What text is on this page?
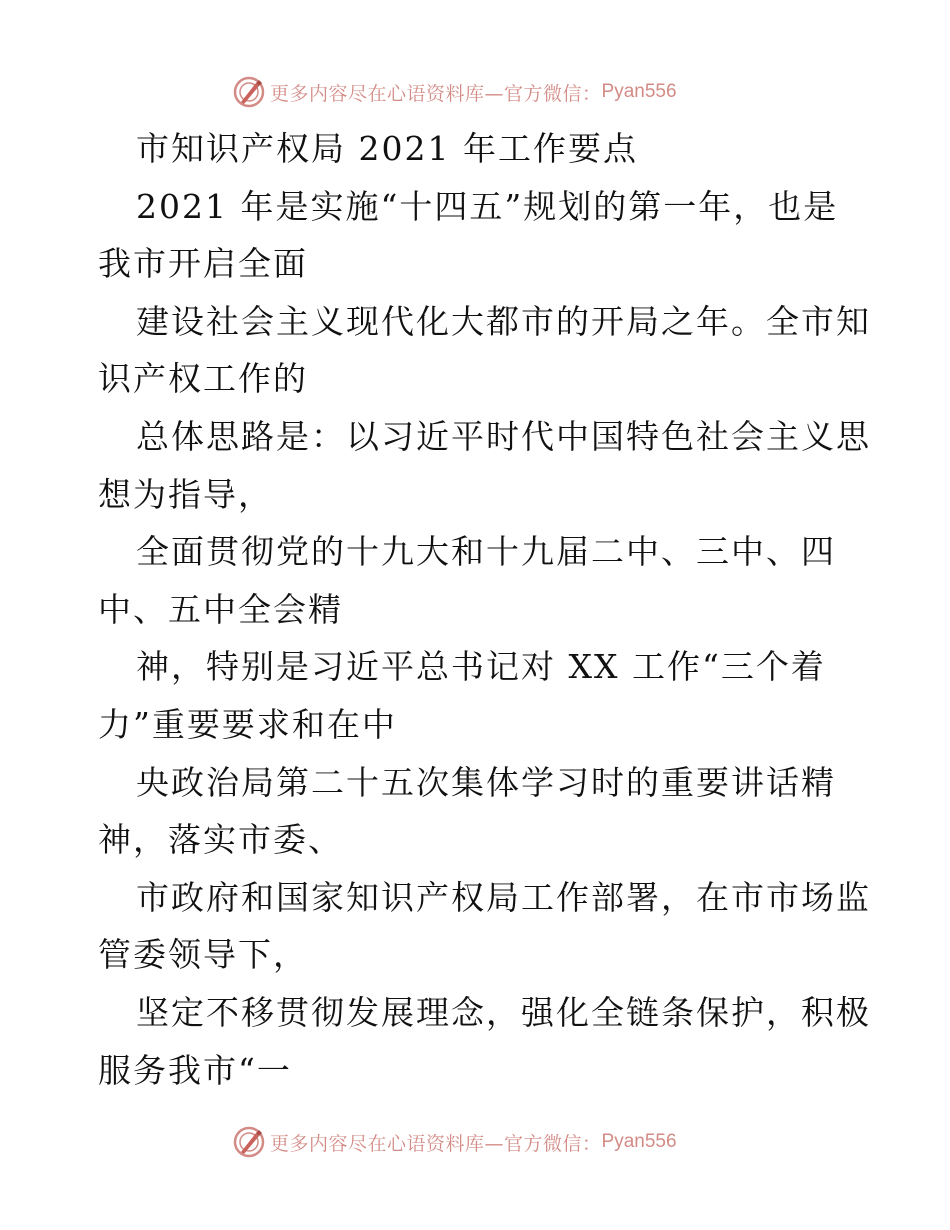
更多内容尽在心语资料库—官方微信： Pyan556
市知识产权局 2021 年工作要点
2021 年是实施“十四五”规划的第一年，也是
我市开启全面
建设社会主义现代化大都市的开局之年。全市知
识产权工作的
总体思路是：以习近平时代中国特色社会主义思
想为指导，
全面贯彻党的十九大和十九届二中、三中、四
中、五中全会精
神，特别是习近平总书记对 XX 工作“三个着
力”重要要求和在中
央政治局第二十五次集体学习时的重要讲话精
神，落实市委、
市政府和国家知识产权局工作部署，在市市场监
管委领导下，
坚定不移贯彻发展理念，强化全链条保护，积极
服务我市“一
更多内容尽在心语资料库—官方微信： Pyan556
